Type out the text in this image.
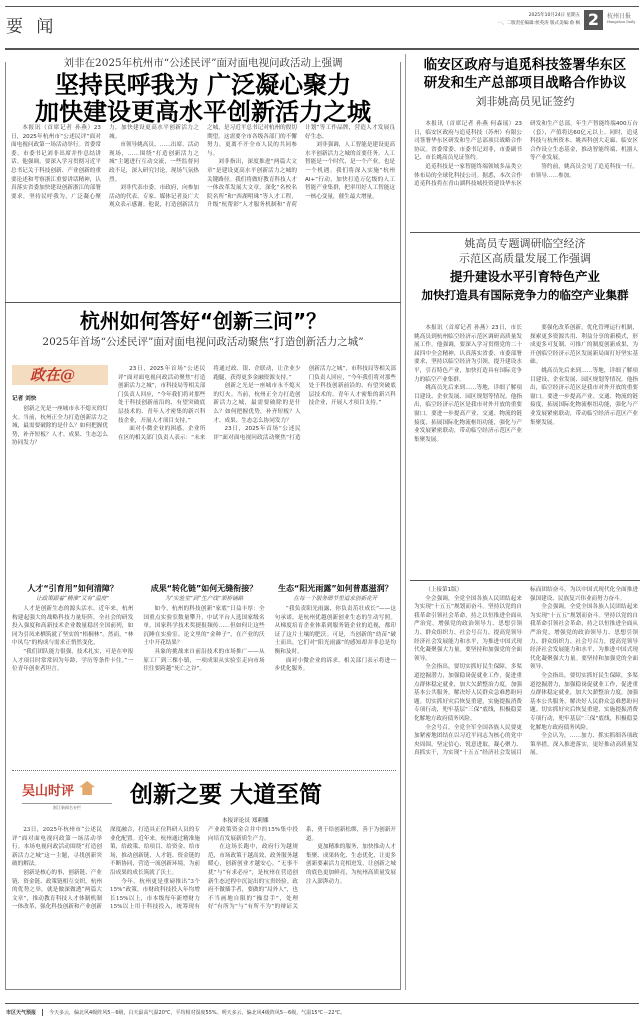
要 闻
2025年10月24日 星期五
一、二版责任编辑:侯英涛 版式美编:俞 枫 2	杭州日报
Hangzhou Daily
刘非在2025年杭州市“公述民评”面对面电视问政活动上强调
坚持民呼我为 广泛凝心聚力
加快建设更高水平创新活力之城

本报讯（首席记者 孙燕）23日，2025年杭州市“公述民评”面对面电视问政第一场活动举行。省委常委、市委书记刘非出席并作总结讲话。他强调，要深入学习贯彻习近平总书记关于科技创新、产业创新的重要论述和考察浙江重要讲话精神，认真落实省委加快建设创新浙江的部署要求，坚持民呼我为，广泛凝心聚力，加快建设更高水平创新活力之城。

市领导姚高员、……出席。活动现场，……围绕“打造创新活力之城”主题进行互动交流，一些监督问政不足，深入研究讨论，现场气氛热烈。

刘非代表市委、市政府，向参加活动的代表、专家、媒体记者及广大观众表示感谢。他说，打造创新活力之城，是习近平总书记对杭州的殷切期望。这需要全市各级各部门的不懈努力，更离不开全市人民的共同参与。

刘非指出，深度推进“两篇大文章”是建设更高水平创新活力之城的关键路径。我们将做好教育科技人才一体改革发展大文章，深化“名校名院名所”和“西湖明珠”等人才工程，升级“杭帮彩”人才服务机制和“青荷计划”等工作品牌，营造人才发展良好生态。

刘非强调，人工智能是建设更高水平创新活力之城的首要任务。人工智能是一个时代，是一个产业，也是一个机遇。我们将深入实施“杭州AI+”行动，加快打造万亿级的人工智能产业集群，把率用好人工智能这一核心变量，催生最大增量。

杭州如何答好“创新三问”？
2025年首场“公述民评”面对面电视问政活动聚焦“打造创新活力之城”
政在@
记者 刘快

创新之光是一座城市永不熄灭的灯火。当前，杭州正全力打造创新活力之城，最需要破除的是什么？如何把握优势，补齐短板？人才、成果、生态怎么协同发力？

23日，2025年首场“公述民评”面对面电视问政活动聚焦“打造创新活力之城”，市科技局等相关部门负责人回应，“今年我们将对那些处于科技创新前沿的、有望突破底层技术的、青年人才密集的新兴科技企业，开展人才项目支持。”

面对小微企业的困惑，企业所在区的相关部门负责人表示：“未来将通过政、银、企联动，让企业少跑腿，获得更多金融资源支持。”

创新之光是一座城市永不熄灭的灯火。当前，杭州正全力打造创新活力之城，最需要破除的是什么？如何把握优势，补齐短板？人才、成果、生态怎么协同发力？

23日，2025年首场“公述民评”面对面电视问政活动聚焦“打造创新活力之城”，市科技局等相关部门负责人回应，“今年我们将对那些处于科技创新前沿的、有望突破底层技术的、青年人才密集的新兴科技企业，开展人才项目支持。”

人才“引育用”如何清障？
让政策跟着“精准”又有“温度”

人才是创新生态的源头活水。近年来，杭州构建起强大的战略科技力量矩阵，全社会的研发投入强度和高新技术企业数量稳居全国前列，如同为引凤来栖筑就了坚实的“梧桐林”。然而，“林中凤鸟”的构成与需求正悄然变化。

“我们团队能力很强，技术扎实，可是在申报人才项目时常常因为年龄、学历等条件卡住。”一位青年创业者坦言。

成果“转化链”如何无缝衔接？
为“实验室”到“生产线”架桥铺路

如今，杭州的科技创新“家底”日益丰厚：全国重点实验室数量攀升，中试平台人选国家级名单，国家科学技术奖捷报频传……但如何让这些沉睡在实验室、论文里的“金种子”，在产业的沃土中开花结果？

具象的挑战来自前沿技术的市场推广——从原工厂到三棵小镇，一项成果从实验室走向市场往往要跨越“死亡之谷”。

生态“阳光雨露”如何普惠滋润？
在每一个服务细节里追求创新花开

“我负责阳光雨露，你负责茁壮成长”——这句承诺，是杭州优越创新创业生态的生动写照。从梯度培育企业体系到服务链企业的追视，都印证了这片土壤的肥沃。可是，当创新的“幼苗”破土而出，它们对“阳光雨露”的感知却并非总是均衡和及时。

面对小微企业的诉求，相关部门表示将进一步优化服务。

吴山时评
浙江新闻名专栏	创新之要 大道至简
本报评论员 郑莉娜

23日，2025年杭州市“公述民评”面对面电视问政第一场活动举行。本场电视问政活动围绕“打造创新活力之城”这一主题，寻找创新突破的解法。

创新是核心的事，创新链、产业链、资金链、政策链相互交织，杭州的优势之举，就是做深做透“两篇大文章”，推动教育科技人才体制机制一体改革，强化科技创新和产业创新深度融合，打造具正位科研人员的专业化配置。近年来，杭州通过精准施策，给政策、给项目、给资金、给市场，推动创新链、人才链、资金链的不断协同，营造一流创新环境，为前沿成果的成长筑就了沃土。

今年，杭州更是重磅推出“3个15%”政策，市财政科技投入年均增长15%以上，市本级每年新增财力15%以上用于科技投入，统筹现有产业政策资金合并中的15%集中投向培育发展新质生产力。

在这场长跑中，政府行为越规范，市场政策干越高效，政务服务越暖心，创新创业才越安心。“无事不扰”与“有求必应”，是杭州在营造创新生态过程中沉淀出的宝贵经验。政府不做插手者，要做的“局外人”，也不当画地自限的“操盘手”，处理好“有所为”与“有所不为”的辩证关系，勇于给创新松绑，善于为创新开道。

更加精准的服务，加快推动人才集聚、成果转化、生态优化，让更多创新要素活力竞相迸发，让创新之城的底色更加鲜亮，为杭州高质量发展注入澎湃动力。

临安区政府与追觅科技签署华东区
研发和生产总部项目战略合作协议
刘非姚高员见证签约

本报讯（首席记者 孙燕 何森瑶）23日，临安区政府与追觅科技（苏州）有限公司签署华东区研发和生产总部项目战略合作协议。省委常委、市委书记刘非，市委副书记、市长姚高员见证签约。

追觅科技是一家智能终端领域多品类立体布局的全球化科技公司。据悉，本次合作追觅科技将在青山湖科技城投资建设华东区研发和生产总部，年生产智能终端400万台（套），产值将达60亿元以上。同时，追觅科技与杭州资本、姚西科创大走廊、临安区合作设立生态基金，推动智能终端、机器人等产业发展。

签约前，姚高员会见了追觅科技一行。市领导……参加。

姚高员专题调研临空经济
示范区高质量发展工作强调
提升建设水平引育特色产业
加快打造具有国际竞争力的临空产业集群

本报讯（首席记者 孙燕）23日，市长姚高员到杭州临空经济示范区调研高质量发展工作。他强调，要深入学习贯彻党的二十届四中全会精神，认真落实省委、市委部署要求，坚持以临空经济为引领，提升建设水平，引育特色产业，加快打造具有国际竞争力的临空产业集群。

姚高员先后来到……等地，详细了解项目建设、企业发展、园区规划等情况。他指出，临空经济示范区是我市对外开放的重要窗口。要进一步提高产业、交通、物流的链接度，拓展国际化物流枢纽功能，强化与产业发展紧密联动，带动临空经济示范区产业集聚发展。

要强化改革创新，优化管理运行机制，探索更多资源共用、利益分享的新模式，形成更多可复制、可推广的制度创新成果，为开创临空经济示范区发展新局面打好坚实基础。

姚高员先后来到……等地，详细了解项目建设、企业发展、园区规划等情况。他指出，临空经济示范区是我市对外开放的重要窗口。要进一步提高产业、交通、物流的链接度，拓展国际化物流枢纽功能，强化与产业发展紧密联动，带动临空经济示范区产业集聚发展。

（上接第1版）

全会强调，全党全国各族人民团结起来为实现“十五五”规划而奋斗。坚持以党的自我革命引领社会革命，持之以恒推进全面从严治党，增强党的政治领导力、思想引领力、群众组织力、社会号召力，提高党领导经济社会发展能力和水平，为推进中国式现代化凝聚强大力量。要坚持和加强党的全面领导。

全会指出，要切实抓好民生保障，多渠道挖掘潜力，加强稳岗促就业工作，促进重点群体稳定就业，加大欠薪整治力度，加强基本公共服务，解决好人民群众急难愁盼问题。切实抓好灾后恢复重建，实施提振消费专项行动，兜牢基层“三保”底线，积极稳妥化解地方政府债务风险。

全会号召，全党全军全国各族人民要更加紧密地团结在以习近平同志为核心的党中央周围，坚定信心、锐意进取，凝心聚力、真抓实干，为实现“十五五”经济社会发展目标而团结奋斗，为以中国式现代化全面推进强国建设、民族复兴伟业而努力奋斗。

全会强调，全党全国各族人民团结起来为实现“十五五”规划而奋斗。坚持以党的自我革命引领社会革命，持之以恒推进全面从严治党，增强党的政治领导力、思想引领力、群众组织力、社会号召力，提高党领导经济社会发展能力和水平，为推进中国式现代化凝聚强大力量。要坚持和加强党的全面领导。

全会指出，要切实抓好民生保障，多渠道挖掘潜力，加强稳岗促就业工作，促进重点群体稳定就业，加大欠薪整治力度，加强基本公共服务，解决好人民群众急难愁盼问题。切实抓好灾后恢复重建，实施提振消费专项行动，兜牢基层“三保”底线，积极稳妥化解地方政府债务风险。

全会认为，……加力、抓实抓细各项政策举措，深入推进落实，更好推动高质量发展。

市区天气预报	今天多云，偏北风4级阵风5－6级，白天最高气温20℃，平均相对湿度55%。明天多云，偏北风4级阵风5－6级，气温15℃－22℃。
